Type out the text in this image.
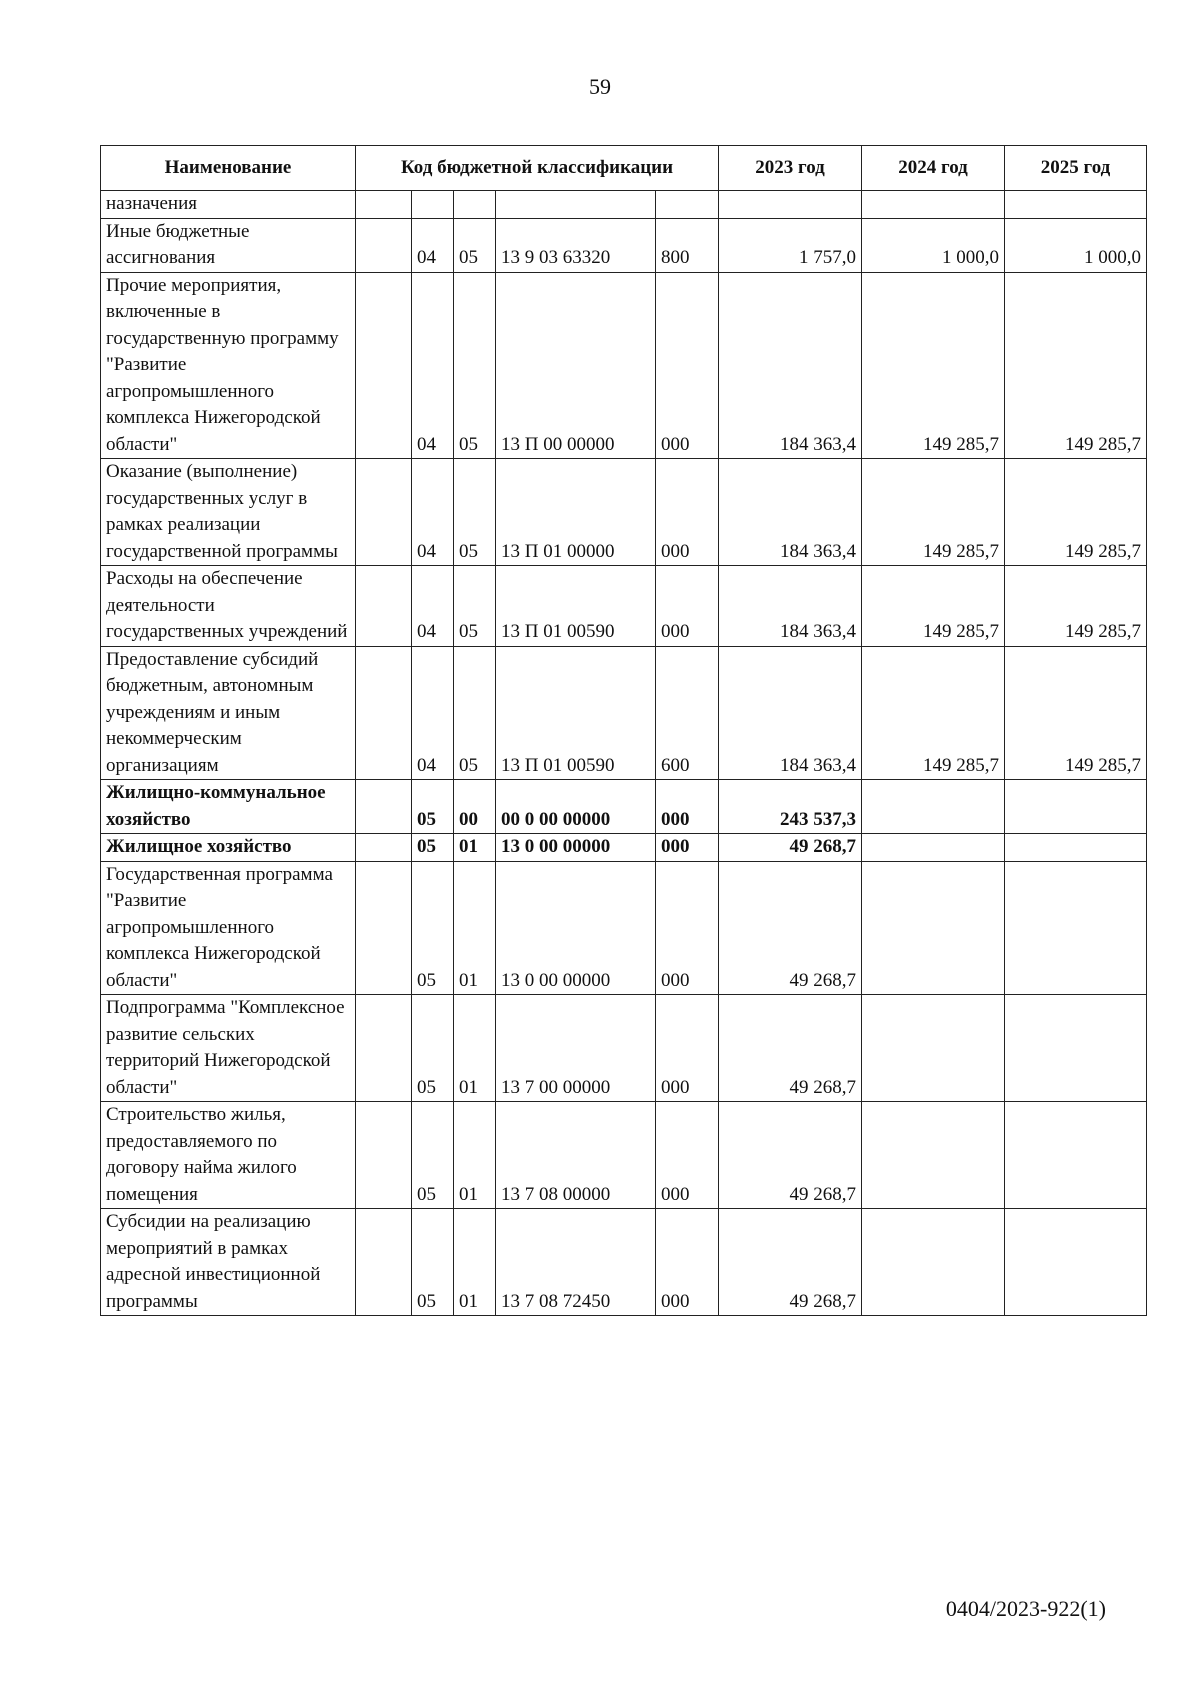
59
Наименование	Код бюджетной классификации					2023 год	2024 год	2025 год
назначения								
Иные бюджетные ассигнования		04	05	13 9 03 63320	800	1 757,0	1 000,0	1 000,0
Прочие мероприятия, включенные в государственную программу "Развитие агропромышленного комплекса Нижегородской области"		04	05	13 П 00 00000	000	184 363,4	149 285,7	149 285,7
Оказание (выполнение) государственных услуг в рамках реализации государственной программы		04	05	13 П 01 00000	000	184 363,4	149 285,7	149 285,7
Расходы на обеспечение деятельности государственных учреждений		04	05	13 П 01 00590	000	184 363,4	149 285,7	149 285,7
Предоставление субсидий бюджетным, автономным учреждениям и иным некоммерческим организациям		04	05	13 П 01 00590	600	184 363,4	149 285,7	149 285,7
Жилищно-коммунальное хозяйство		05	00	00 0 00 00000	000	243 537,3		
Жилищное хозяйство		05	01	13 0 00 00000	000	49 268,7		
Государственная программа "Развитие агропромышленного комплекса Нижегородской области"		05	01	13 0 00 00000	000	49 268,7		
Подпрограмма "Комплексное развитие сельских территорий Нижегородской области"		05	01	13 7 00 00000	000	49 268,7		
Строительство жилья, предоставляемого по договору найма жилого помещения		05	01	13 7 08 00000	000	49 268,7		
Субсидии на реализацию мероприятий в рамках адресной инвестиционной программы		05	01	13 7 08 72450	000	49 268,7		
0404/2023-922(1)
